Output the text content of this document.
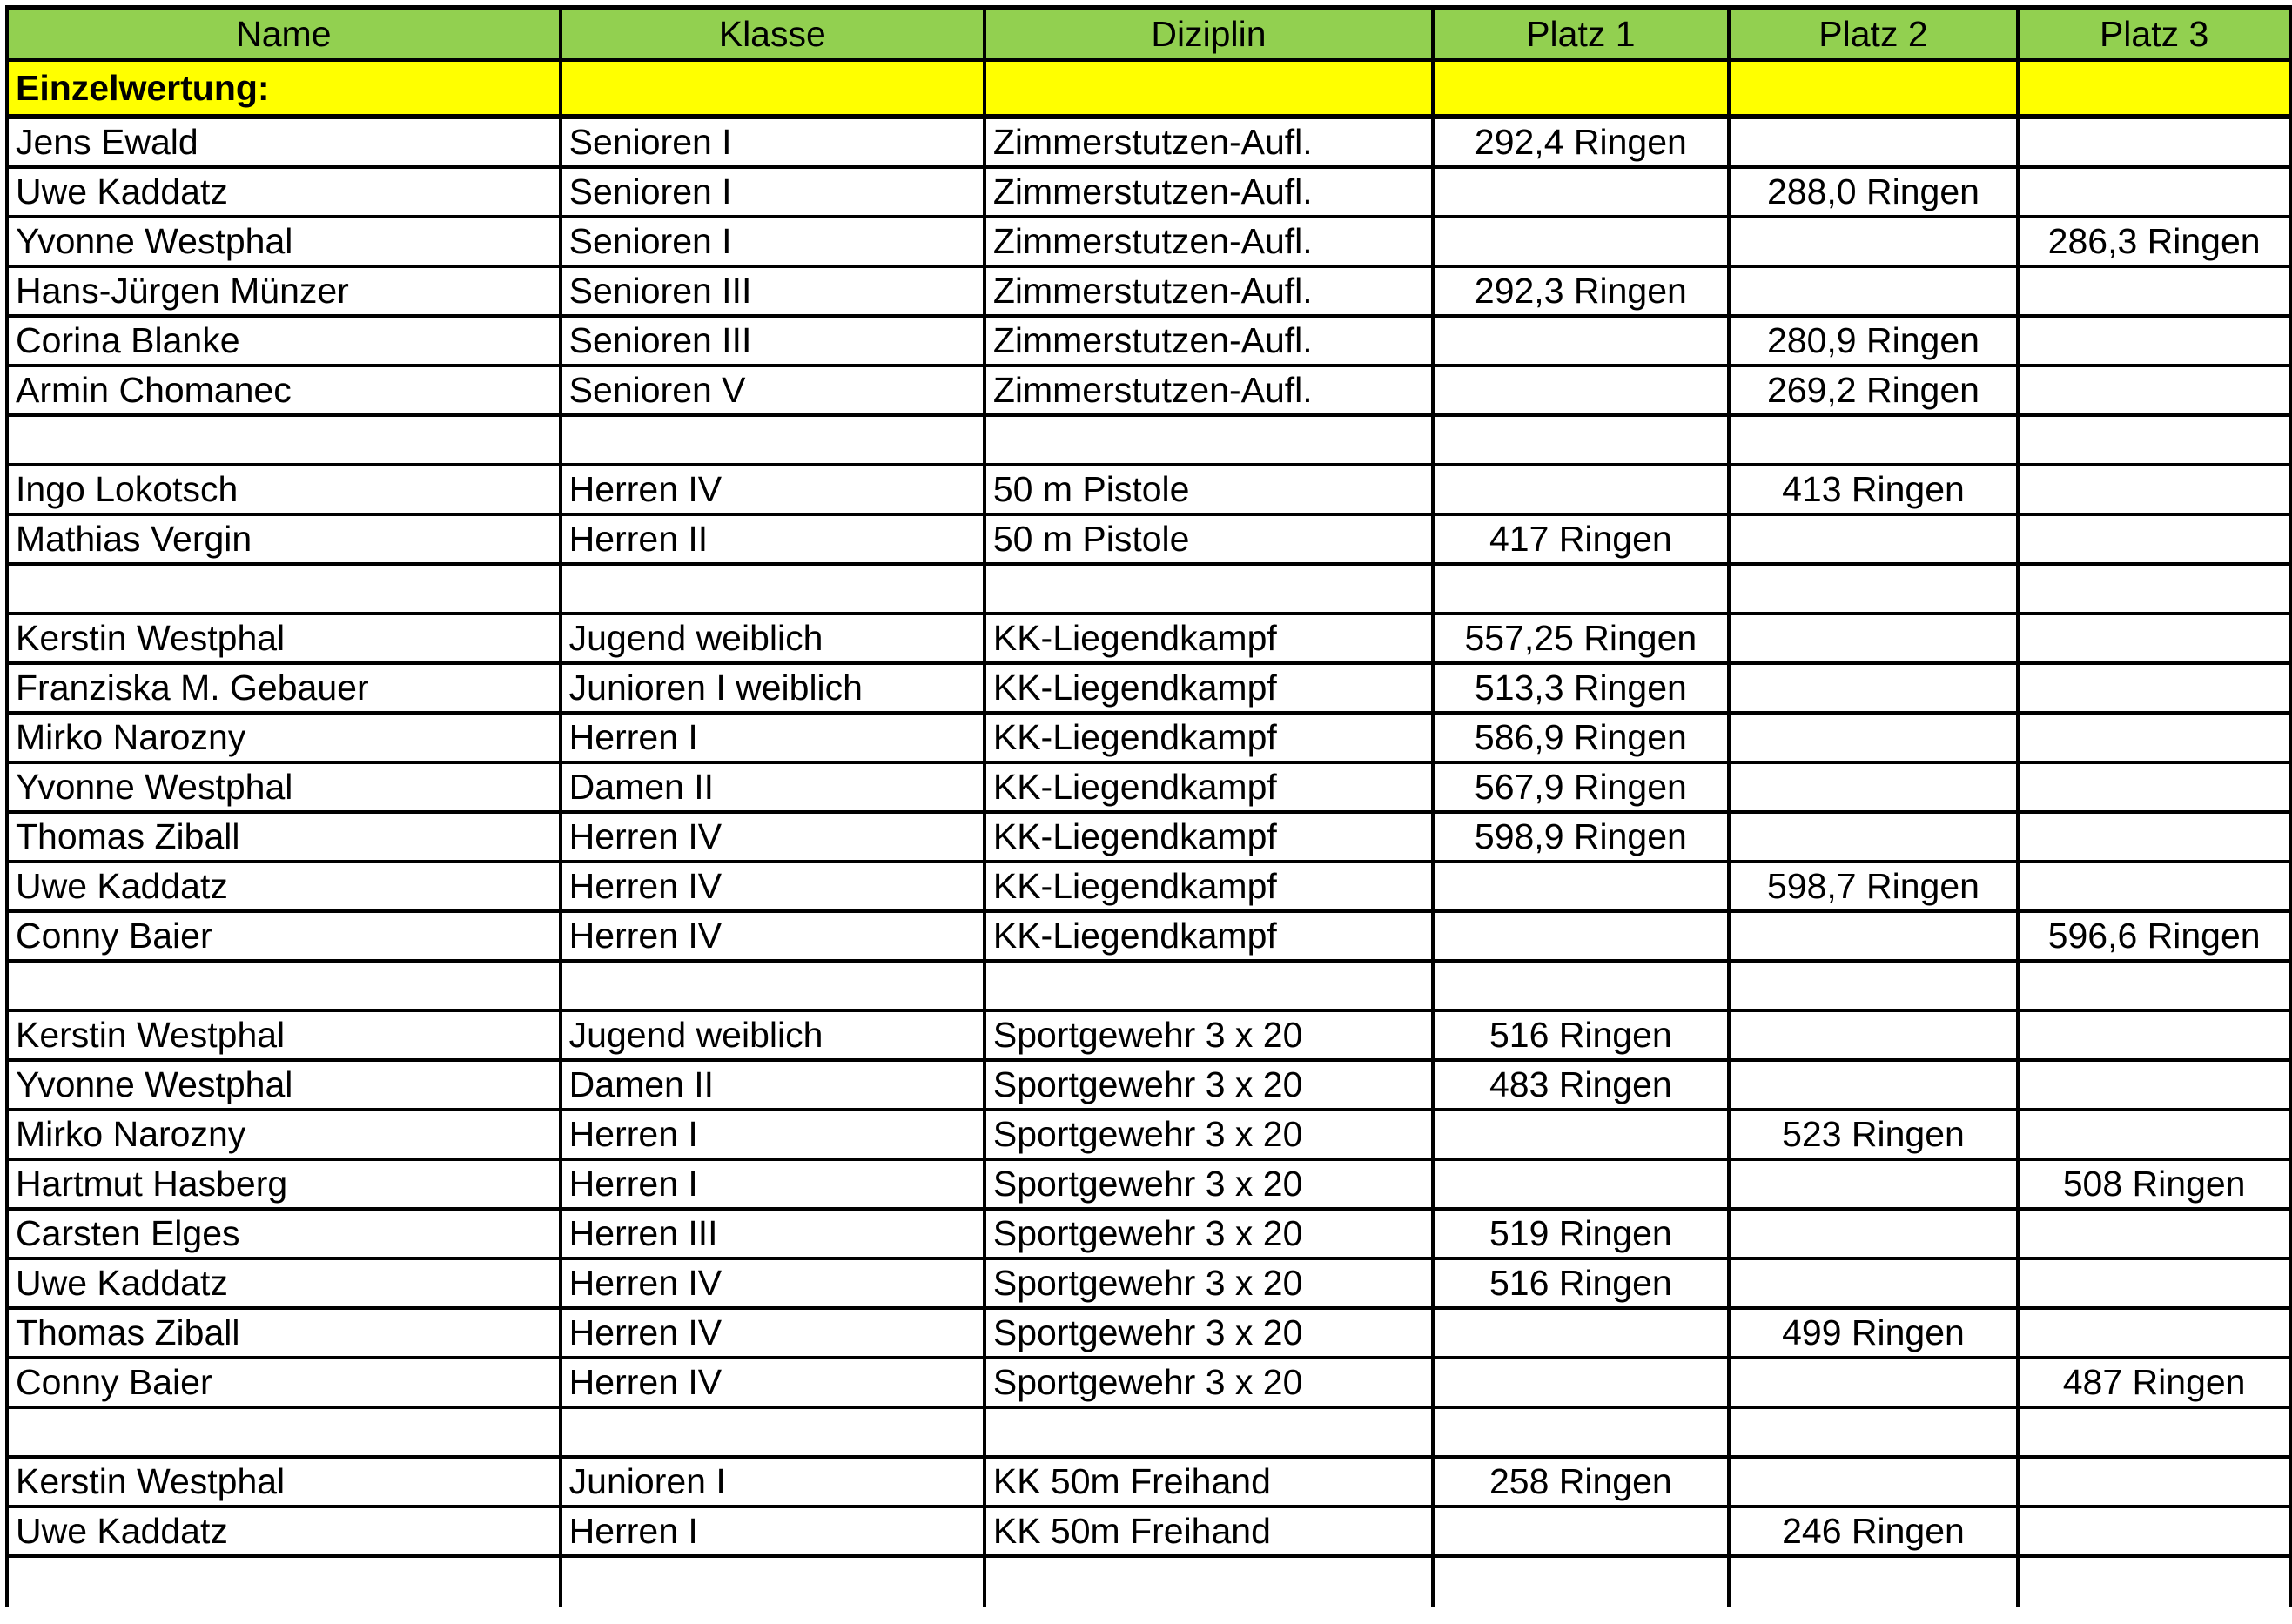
Name	Klasse	Diziplin	Platz 1	Platz 2	Platz 3
Einzelwertung:					
Jens Ewald	Senioren I	Zimmerstutzen-Aufl.	292,4 Ringen		
Uwe Kaddatz	Senioren I	Zimmerstutzen-Aufl.		288,0 Ringen	
Yvonne Westphal	Senioren I	Zimmerstutzen-Aufl.			286,3 Ringen
Hans-Jürgen Münzer	Senioren III	Zimmerstutzen-Aufl.	292,3 Ringen		
Corina Blanke	Senioren III	Zimmerstutzen-Aufl.		280,9 Ringen	
Armin Chomanec	Senioren V	Zimmerstutzen-Aufl.		269,2 Ringen	

Ingo Lokotsch	Herren IV	50 m Pistole		413 Ringen	
Mathias Vergin	Herren II	50 m Pistole	417 Ringen		

Kerstin Westphal	Jugend weiblich	KK-Liegendkampf	557,25 Ringen		
Franziska M. Gebauer	Junioren I weiblich	KK-Liegendkampf	513,3 Ringen		
Mirko Narozny	Herren I	KK-Liegendkampf	586,9 Ringen		
Yvonne Westphal	Damen II	KK-Liegendkampf	567,9 Ringen		
Thomas Ziball	Herren IV	KK-Liegendkampf	598,9 Ringen		
Uwe Kaddatz	Herren IV	KK-Liegendkampf		598,7 Ringen	
Conny Baier	Herren IV	KK-Liegendkampf			596,6 Ringen

Kerstin Westphal	Jugend weiblich	Sportgewehr 3 x 20	516 Ringen		
Yvonne Westphal	Damen II	Sportgewehr 3 x 20	483 Ringen		
Mirko Narozny	Herren I	Sportgewehr 3 x 20		523 Ringen	
Hartmut Hasberg	Herren I	Sportgewehr 3 x 20			508 Ringen
Carsten Elges	Herren III	Sportgewehr 3 x 20	519 Ringen		
Uwe Kaddatz	Herren IV	Sportgewehr 3 x 20	516 Ringen		
Thomas Ziball	Herren IV	Sportgewehr 3 x 20		499 Ringen	
Conny Baier	Herren IV	Sportgewehr 3 x 20			487 Ringen

Kerstin Westphal	Junioren I	KK 50m Freihand	258 Ringen		
Uwe Kaddatz	Herren I	KK 50m Freihand		246 Ringen	
